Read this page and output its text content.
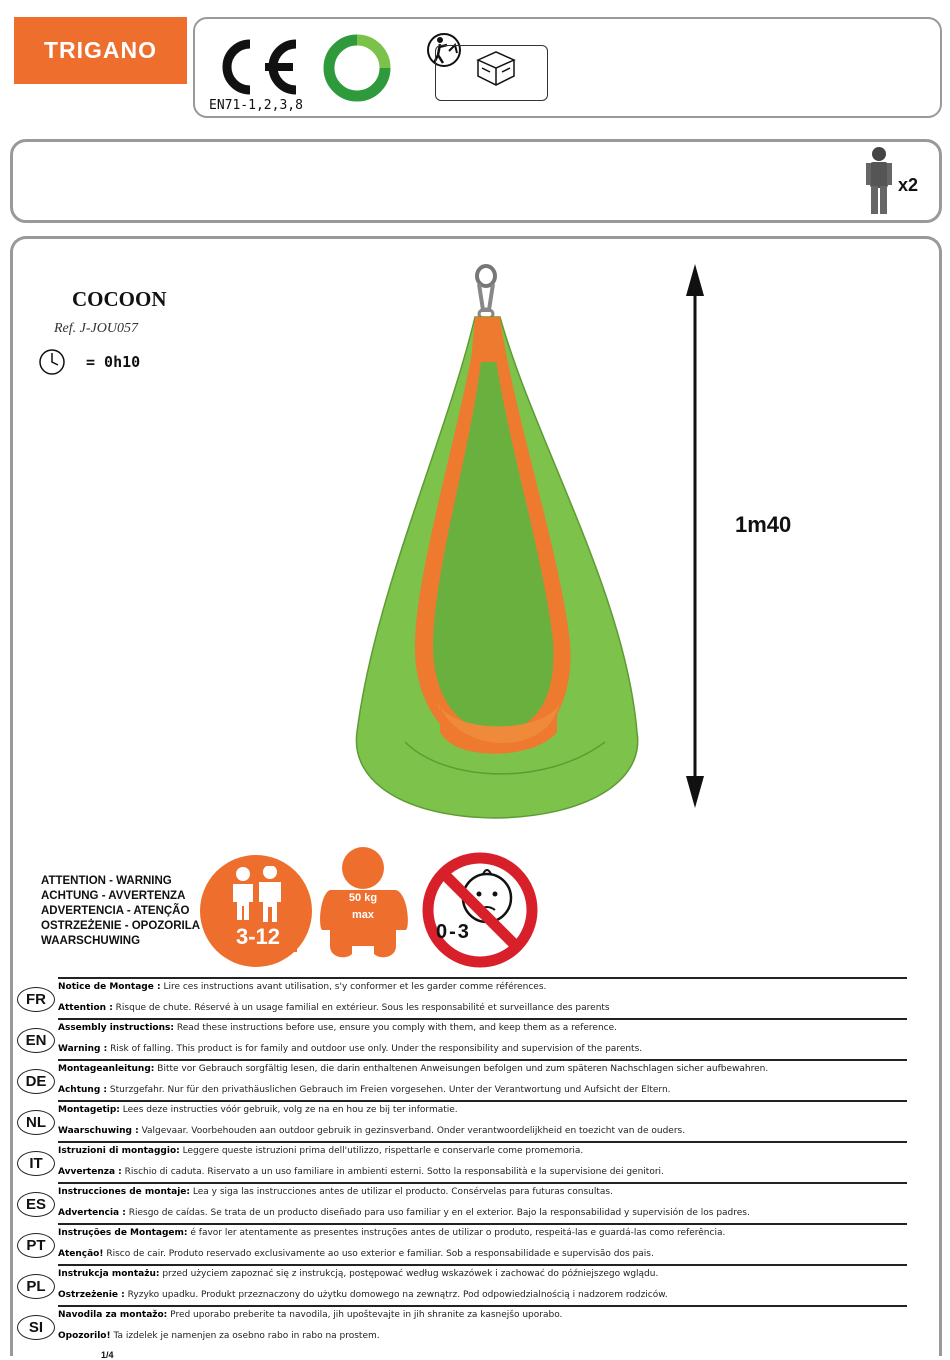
TRIGANO
EN71-1,2,3,8
x2
COCOON
Ref. J-JOU057
= 0h10
1m40
ATTENTION - WARNING
ACHTUNG - AVVERTENZA
ADVERTENCIA - ATENÇÃO
OSTRZEŻENIE - OPOZORILA
WAARSCHUWING	3-12
50 kg
max
0-3
FR
Notice de Montage : Lire ces instructions avant utilisation, s'y conformer et les garder comme références.
Attention : Risque de chute. Réservé à un usage familial en extérieur. Sous les responsabilité et surveillance des parents
EN
Assembly instructions: Read these instructions before use, ensure you comply with them, and keep them as a reference.
Warning : Risk of falling. This product is for family and outdoor use only. Under the responsibility and supervision of the parents.
DE
Montageanleitung: Bitte vor Gebrauch sorgfältig lesen, die darin enthaltenen Anweisungen befolgen und zum späteren Nachschlagen sicher aufbewahren.
Achtung : Sturzgefahr. Nur für den privathäuslichen Gebrauch im Freien vorgesehen. Unter der Verantwortung und Aufsicht der Eltern.
NL
Montagetip: Lees deze instructies vóór gebruik, volg ze na en hou ze bij ter informatie.
Waarschuwing : Valgevaar. Voorbehouden aan outdoor gebruik in gezinsverband. Onder verantwoordelijkheid en toezicht van de ouders.
IT
Istruzioni di montaggio: Leggere queste istruzioni prima dell'utilizzo, rispettarle e conservarle come promemoria.
Avvertenza : Rischio di caduta. Riservato a un uso familiare in ambienti esterni. Sotto la responsabilità e la supervisione dei genitori.
ES
Instrucciones de montaje: Lea y siga las instrucciones antes de utilizar el producto. Consérvelas para futuras consultas.
Advertencia : Riesgo de caídas. Se trata de un producto diseñado para uso familiar y en el exterior. Bajo la responsabilidad y supervisión de los padres.
PT
Instruções de Montagem: é favor ler atentamente as presentes instruções antes de utilizar o produto, respeitá-las e guardá-las como referência.
Atenção! Risco de cair. Produto reservado exclusivamente ao uso exterior e familiar. Sob a responsabilidade e supervisão dos pais.
PL
Instrukcja montażu: przed użyciem zapoznać się z instrukcją, postępować według wskazówek i zachować do późniejszego wglądu.
Ostrzeżenie : Ryzyko upadku. Produkt przeznaczony do użytku domowego na zewnątrz. Pod odpowiedzialnością i nadzorem rodziców.
SI
Navodila za montažo: Pred uporabo preberite ta navodila, jih upoštevajte in jih shranite za kasnejšo uporabo.
Opozorilo! Ta izdelek je namenjen za osebno rabo in rabo na prostem.
1/4
